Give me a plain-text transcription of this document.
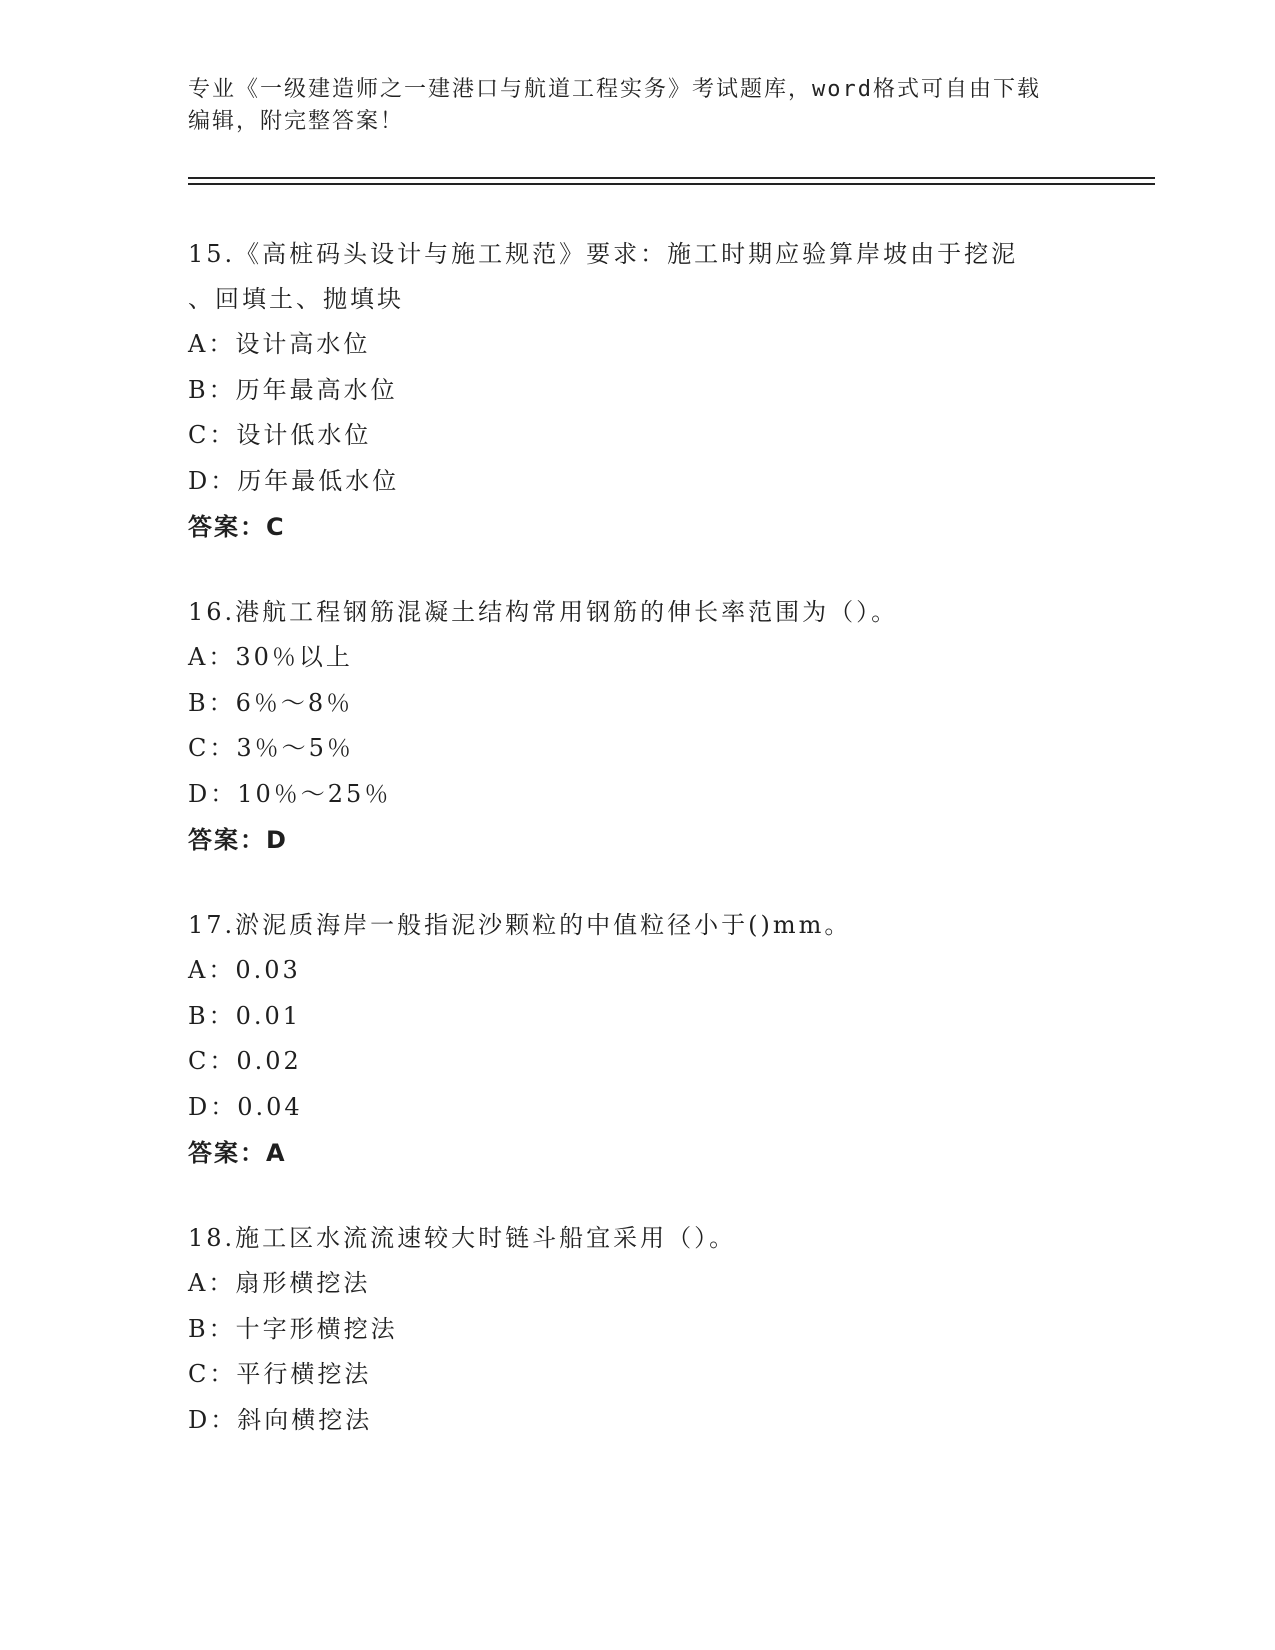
专业《一级建造师之一建港口与航道工程实务》考试题库，word格式可自由下载
编辑，附完整答案！
15.《高桩码头设计与施工规范》要求：施工时期应验算岸坡由于挖泥
、回填土、抛填块
A：设计高水位
B：历年最高水位
C：设计低水位
D：历年最低水位
答案：C
16.港航工程钢筋混凝土结构常用钢筋的伸长率范围为（）。
A：30％以上
B：6％～8％
C：3％～5％
D：10％～25％
答案：D
17.淤泥质海岸一般指泥沙颗粒的中值粒径小于()mm。
A：0.03
B：0.01
C：0.02
D：0.04
答案：A
18.施工区水流流速较大时链斗船宜采用（）。
A：扇形横挖法
B：十字形横挖法
C：平行横挖法
D：斜向横挖法
